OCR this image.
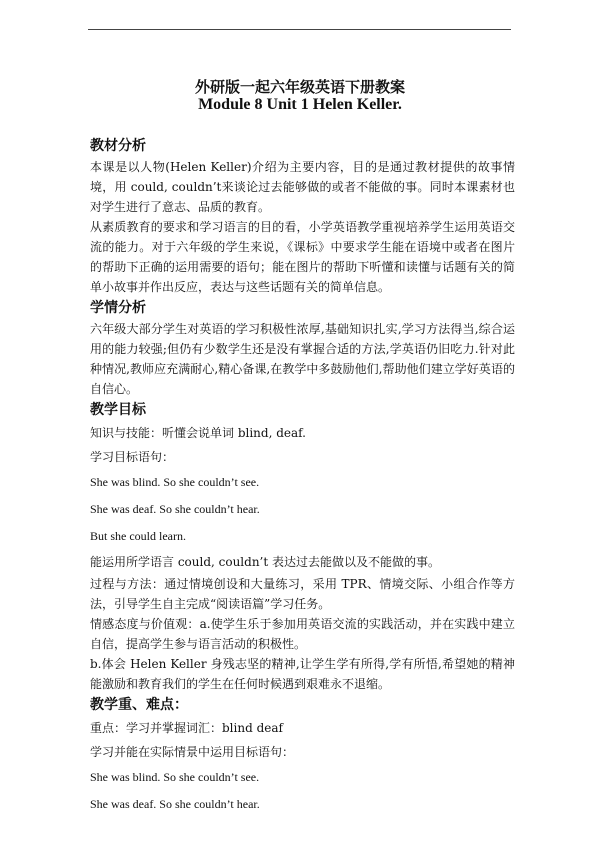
外研版一起六年级英语下册教案
Module 8 Unit 1 Helen Keller.

教材分析

本课是以人物(Helen Keller)介绍为主要内容，目的是通过教材提供的故事情境，用 could, couldn’t来谈论过去能够做的或者不能做的事。同时本课素材也对学生进行了意志、品质的教育。

从素质教育的要求和学习语言的目的看，小学英语教学重视培养学生运用英语交流的能力。对于六年级的学生来说，《课标》中要求学生能在语境中或者在图片的帮助下正确的运用需要的语句；能在图片的帮助下听懂和读懂与话题有关的简单小故事并作出反应，表达与这些话题有关的简单信息。

学情分析

六年级大部分学生对英语的学习积极性浓厚,基础知识扎实,学习方法得当,综合运用的能力较强;但仍有少数学生还是没有掌握合适的方法,学英语仍旧吃力.针对此种情况,教师应充满耐心,精心备课,在教学中多鼓励他们,帮助他们建立学好英语的自信心。

教学目标

知识与技能：听懂会说单词 blind, deaf.

学习目标语句：

She was blind. So she couldn’t see.

She was deaf. So she couldn’t hear.

But she could learn.

能运用所学语言 could, couldn’t 表达过去能做以及不能做的事。

过程与方法：通过情境创设和大量练习，采用 TPR、情境交际、小组合作等方法，引导学生自主完成“阅读语篇”学习任务。

情感态度与价值观：a.使学生乐于参加用英语交流的实践活动，并在实践中建立自信，提高学生参与语言活动的积极性。

b.体会 Helen Keller 身残志坚的精神,让学生学有所得,学有所悟,希望她的精神能激励和教育我们的学生在任何时候遇到艰难永不退缩。

教学重、难点：

重点：学习并掌握词汇：blind deaf

学习并能在实际情景中运用目标语句：

She was blind. So she couldn’t see.

She was deaf. So she couldn’t hear.
